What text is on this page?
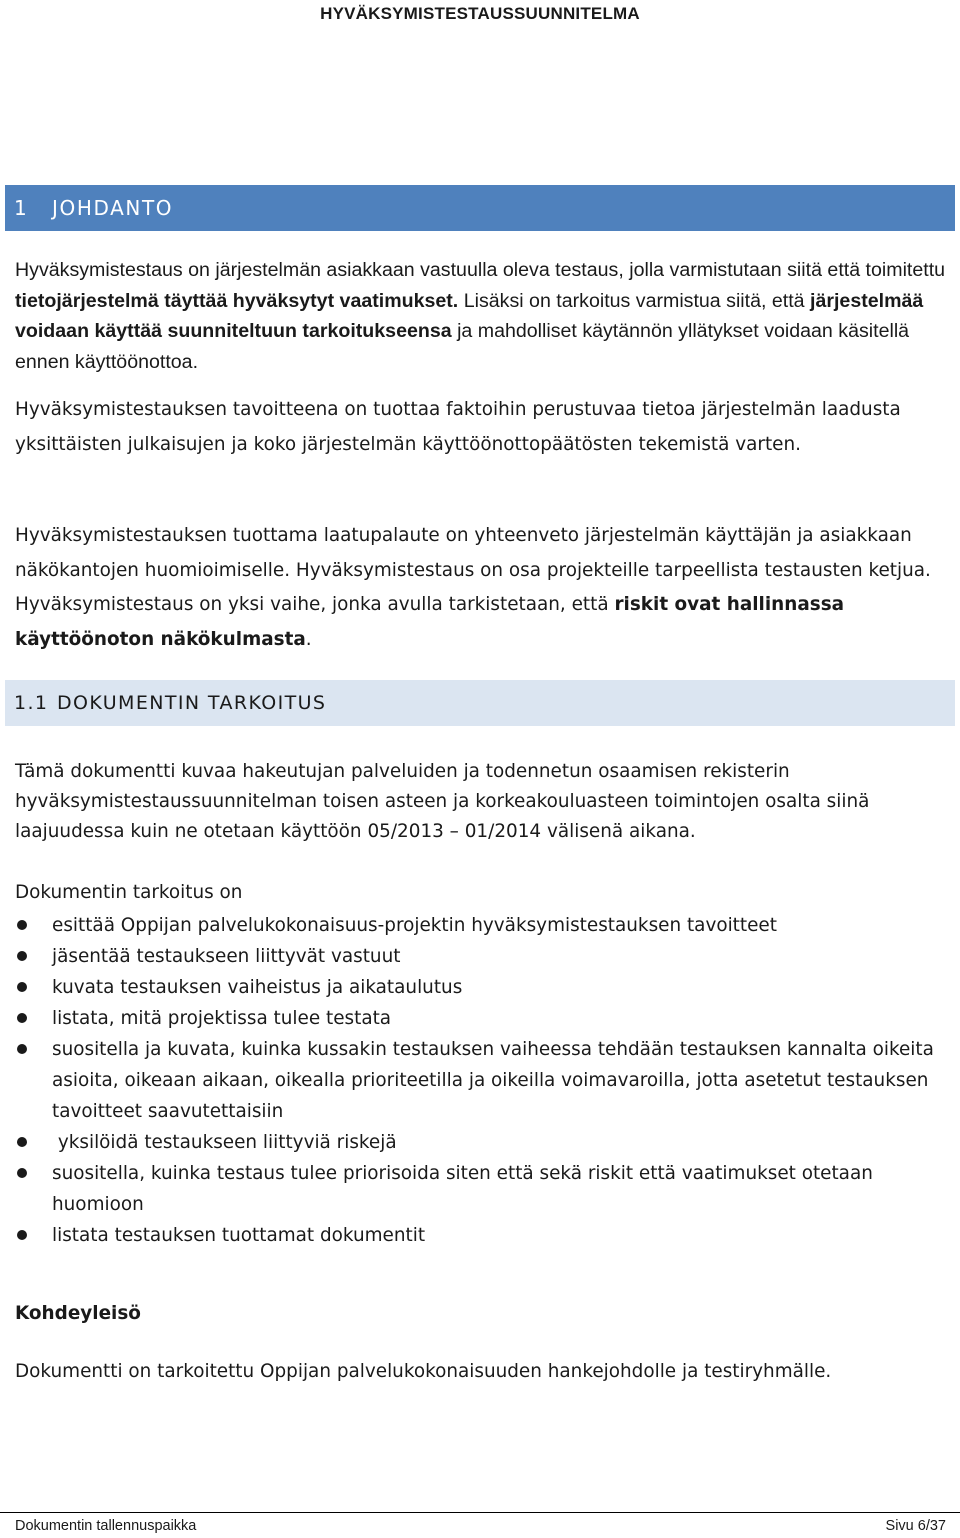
HYVÄKSYMISTESTAUSSUUNNITELMA
1	JOHDANTO

Hyväksymistestaus on järjestelmän asiakkaan vastuulla oleva testaus, jolla varmistutaan siitä että toimitettu tietojärjestelmä täyttää hyväksytyt vaatimukset. Lisäksi on tarkoitus varmistua siitä, että järjestelmää voidaan käyttää suunniteltuun tarkoitukseensa ja mahdolliset käytännön yllätykset voidaan käsitellä ennen käyttöönottoa.

Hyväksymistestauksen tavoitteena on tuottaa faktoihin perustuvaa tietoa järjestelmän laadusta yksittäisten julkaisujen ja koko järjestelmän käyttöönottopäätösten tekemistä varten.

Hyväksymistestauksen tuottama laatupalaute on yhteenveto järjestelmän käyttäjän ja asiakkaan näkökantojen huomioimiselle. Hyväksymistestaus on osa projekteille tarpeellista testausten ketjua. Hyväksymistestaus on yksi vaihe, jonka avulla tarkistetaan, että riskit ovat hallinnassa käyttöönoton näkökulmasta.

1.1 DOKUMENTIN TARKOITUS

Tämä dokumentti kuvaa hakeutujan palveluiden ja todennetun osaamisen rekisterin hyväksymistestaussuunnitelman toisen asteen ja korkeakouluasteen toimintojen osalta siinä laajuudessa kuin ne otetaan käyttöön 05/2013 – 01/2014 välisenä aikana.

Dokumentin tarkoitus on

esittää Oppijan palvelukokonaisuus-projektin hyväksymistestauksen tavoitteet
jäsentää testaukseen liittyvät vastuut
kuvata testauksen vaiheistus ja aikataulutus
listata, mitä projektissa tulee testata
suositella ja kuvata, kuinka kussakin testauksen vaiheessa tehdään testauksen kannalta oikeita asioita, oikeaan aikaan, oikealla prioriteetilla ja oikeilla voimavaroilla, jotta asetetut testauksen tavoitteet saavutettaisiin
yksilöidä testaukseen liittyviä riskejä
suositella, kuinka testaus tulee priorisoida siten että sekä riskit että vaatimukset otetaan huomioon
listata testauksen tuottamat dokumentit
Kohdeyleisö

Dokumentti on tarkoitettu Oppijan palvelukokonaisuuden hankejohdolle ja testiryhmälle.

Dokumentin tallennuspaikka	Sivu 6/37
